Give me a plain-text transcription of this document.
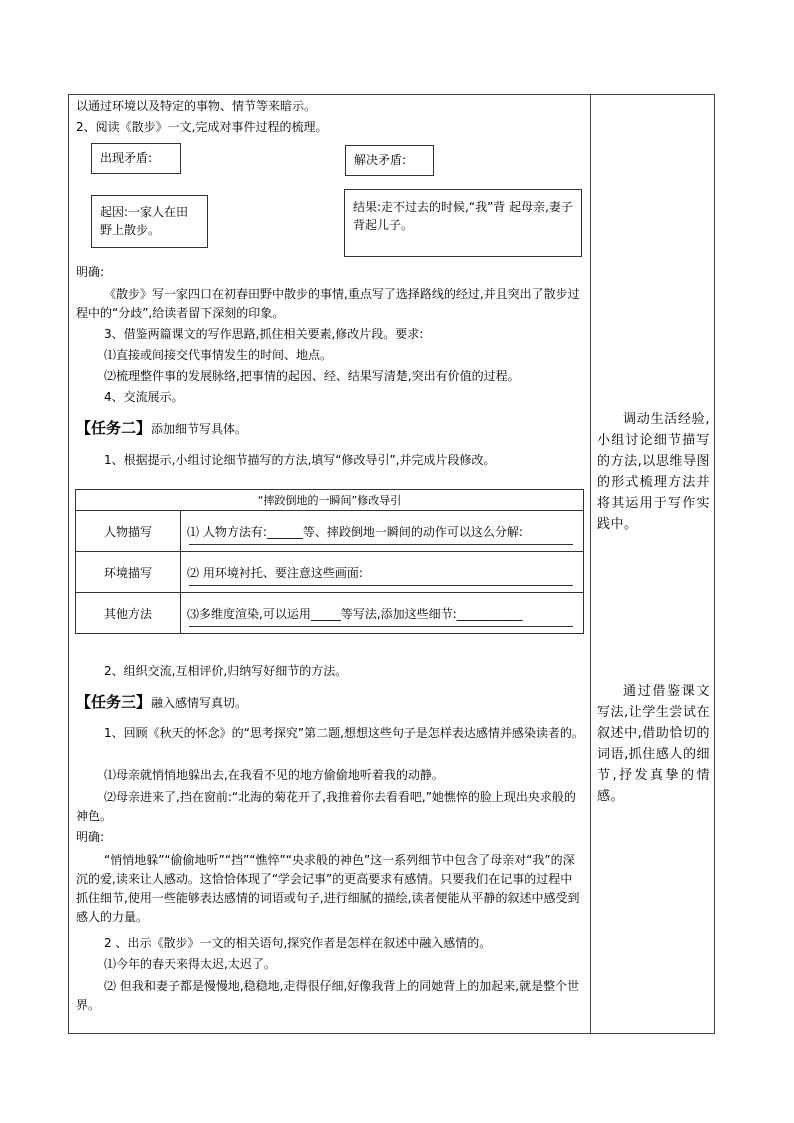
以通过环境以及特定的事物、情节等来暗示。
2、阅读《散步》一文,完成对事件过程的梳理。
出现矛盾:	解决矛盾:
起因:一家人在田野上散步。
结果:走不过去的时候,“我”背 起母亲,妻子背起儿子。
明确:
《散步》写一家四口在初春田野中散步的事情,重点写了选择路线的经过,并且突出了散步过程中的“分歧”,给读者留下深刻的印象。
3、借鉴两篇课文的写作思路,抓住相关要素,修改片段。要求:
⑴直接或间接交代事情发生的时间、地点。
⑵梳理整件事的发展脉络,把事情的起因、经、结果写清楚,突出有价值的过程。
4、交流展示。
【任务二】添加细节写具体。
1、根据提示,小组讨论细节描写的方法,填写“修改导引”,并完成片段修改。
“摔跤倒地的一瞬间”修改导引	
人物描写	⑴ 人物方法有:______等、摔跤倒地一瞬间的动作可以这么分解:

环境描写	⑵ 用环境衬托、要注意这些画面:

其他方法	⑶多维度渲染,可以运用_____等写法,添加这些细节:___________
2、组织交流,互相评价,归纳写好细节的方法。
【任务三】融入感情写真切。
1、回顾《秋天的怀念》的“思考探究”第二题,想想这些句子是怎样表达感情并感染读者的。
⑴母亲就悄悄地躲出去,在我看不见的地方偷偷地听着我的动静。
⑵母亲进来了,挡在窗前:“北海的菊花开了,我推着你去看看吧,”她憔悴的脸上现出央求般的神色。
明确:
“悄悄地躲”“偷偷地听”“挡”“憔悴”“央求般的神色”这一系列细节中包含了母亲对“我”的深沉的爱,读来让人感动。这恰恰体现了“学会记事”的更高要求有感情。只要我们在记事的过程中抓住细节,使用一些能够表达感情的词语或句子,进行细腻的描绘,读者便能从平静的叙述中感受到感人的力量。
2 、出示《散步》一文的相关语句,探究作者是怎样在叙述中融入感情的。
⑴今年的春天来得太迟,太迟了。
⑵ 但我和妻子都是慢慢地,稳稳地,走得很仔细,好像我背上的同她背上的加起来,就是整个世界。
调动生活经验,小组讨论细节描写的方法,以思维导图的形式梳理方法并将其运用于写作实践中。
通过借鉴课文写法,让学生尝试在叙述中,借助恰切的词语,抓住感人的细节,抒发真挚的情感。
